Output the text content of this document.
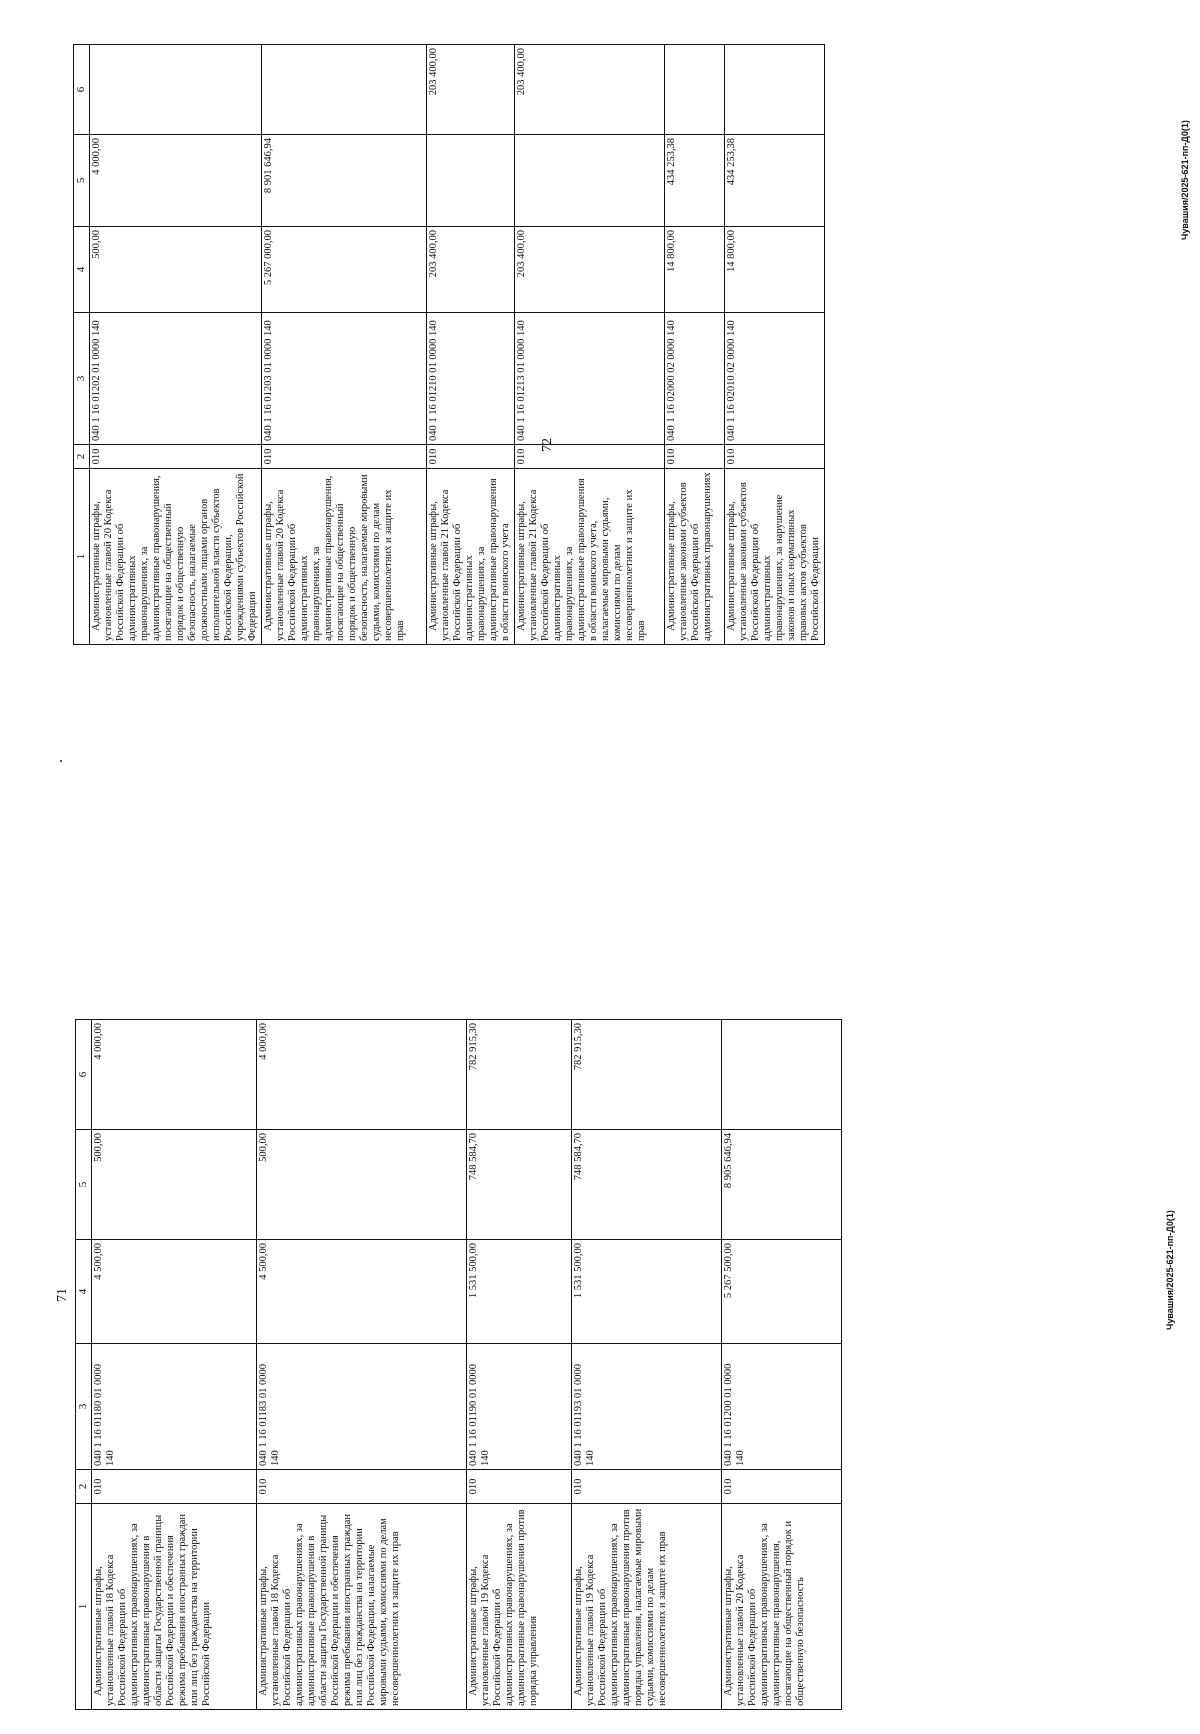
72
1	2	3	4	5	6

Административные штрафы, установленные главой 20 Кодекса Российской Федерации об административных правонарушениях, за административные правонарушения, посягающие на общественный порядок и общественную безопасность, налагаемые должностными лицами органов исполнительной власти субъектов Российской Федерации, учреждениями субъектов Российской Федерации	010	040 1 16 01202 01 0000 140	500,00	4 000,00	

Административные штрафы, установленные главой 20 Кодекса Российской Федерации об административных правонарушениях, за административные правонарушения, посягающие на общественный порядок и общественную безопасность, налагаемые мировыми судьями, комиссиями по делам несовершеннолетних и защите их прав	010	040 1 16 01203 01 0000 140	5 267 000,00	8 901 646,94	

Административные штрафы, установленные главой 21 Кодекса Российской Федерации об административных правонарушениях, за административные правонарушения в области воинского учета	010	040 1 16 01210 01 0000 140	203 400,00		203 400,00

Административные штрафы, установленные главой 21 Кодекса Российской Федерации об административных правонарушениях, за административные правонарушения в области воинского учета, налагаемые мировыми судьями, комиссиями по делам несовершеннолетних и защите их прав	010	040 1 16 01213 01 0000 140	203 400,00		203 400,00

Административные штрафы, установленные законами субъектов Российской Федерации об административных правонарушениях	010	040 1 16 02000 02 0000 140	14 800,00	434 253,38	

Административные штрафы, установленные законами субъектов Российской Федерации об административных правонарушениях, за нарушение законов и иных нормативных правовых актов субъектов Российской Федерации	010	040 1 16 02010 02 0000 140	14 800,00	434 253,38		Чувашия/2025-621-пп-Д0(1)
71
1	2	3	4	5	6

Административные штрафы, установленные главой 18 Кодекса Российской Федерации об административных правонарушениях, за административные правонарушения в области защиты Государственной границы Российской Федерации и обеспечения режима пребывания иностранных граждан или лиц без гражданства на территории Российской Федерации	010	040 1 16 01180 01 0000 140	4 500,00	500,00	4 000,00

Административные штрафы, установленные главой 18 Кодекса Российской Федерации об административных правонарушениях, за административные правонарушения в области защиты Государственной границы Российской Федерации и обеспечения режима пребывания иностранных граждан или лиц без гражданства на территории Российской Федерации, налагаемые мировыми судьями, комиссиями по делам несовершеннолетних и защите их прав	010	040 1 16 01183 01 0000 140	4 500,00	500,00	4 000,00

Административные штрафы, установленные главой 19 Кодекса Российской Федерации об административных правонарушениях, за административные правонарушения против порядка управления	010	040 1 16 01190 01 0000 140	1 531 500,00	748 584,70	782 915,30

Административные штрафы, установленные главой 19 Кодекса Российской Федерации об административных правонарушениях, за административные правонарушения против порядка управления, налагаемые мировыми судьями, комиссиями по делам несовершеннолетних и защите их прав	010	040 1 16 01193 01 0000 140	1 531 500,00	748 584,70	782 915,30

Административные штрафы, установленные главой 20 Кодекса Российской Федерации об административных правонарушениях, за административные правонарушения, посягающие на общественный порядок и общественную безопасность	010	040 1 16 01200 01 0000 140	5 267 500,00	8 905 646,94	
Чувашия/2025-621-пп-Д0(1)
